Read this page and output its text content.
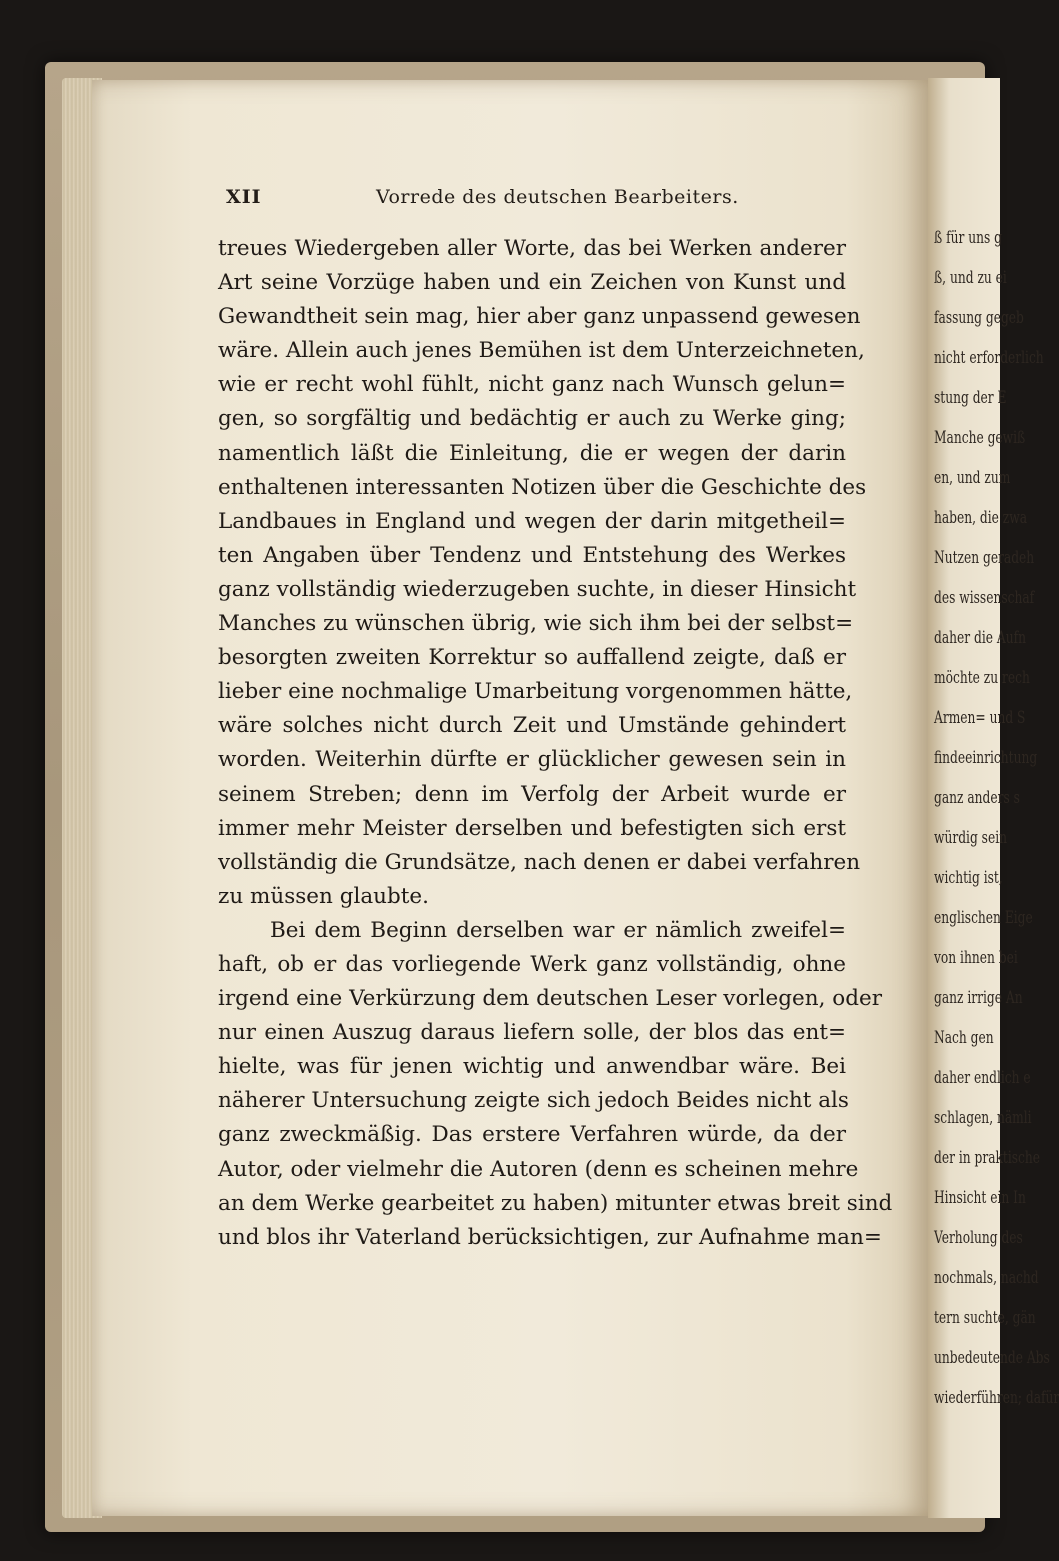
ß für uns g
ß, und zu ei
fassung gegeb
nicht erforderlich
stung der E
Manche gewiß
en, und zum
haben, die zwa
Nutzen geradeh
des wissenschaf
daher die Aufn
möchte zu rech
Armen= und S
findeeinrichtung
ganz anders s
würdig sein
wichtig ist,
englischen Eige
von ihnen bei
ganz irrige An
Nach gen
daher endlich e
schlagen, nämli
der in praktische
Hinsicht ein In
Verholung des
nochmals, nachd
tern suchte, gän
unbedeutende Abs
wiederführen; dafür
XII	Vorrede des deutschen Bearbeiters.
treues Wiedergeben aller Worte, das bei Werken anderer
Art seine Vorzüge haben und ein Zeichen von Kunst und
Gewandtheit sein mag, hier aber ganz unpassend gewesen
wäre. Allein auch jenes Bemühen ist dem Unterzeichneten,
wie er recht wohl fühlt, nicht ganz nach Wunsch gelun=
gen, so sorgfältig und bedächtig er auch zu Werke ging;
namentlich läßt die Einleitung, die er wegen der darin
enthaltenen interessanten Notizen über die Geschichte des
Landbaues in England und wegen der darin mitgetheil=
ten Angaben über Tendenz und Entstehung des Werkes
ganz vollständig wiederzugeben suchte, in dieser Hinsicht
Manches zu wünschen übrig, wie sich ihm bei der selbst=
besorgten zweiten Korrektur so auffallend zeigte, daß er
lieber eine nochmalige Umarbeitung vorgenommen hätte,
wäre solches nicht durch Zeit und Umstände gehindert
worden. Weiterhin dürfte er glücklicher gewesen sein in
seinem Streben; denn im Verfolg der Arbeit wurde er
immer mehr Meister derselben und befestigten sich erst
vollständig die Grundsätze, nach denen er dabei verfahren
zu müssen glaubte.
Bei dem Beginn derselben war er nämlich zweifel=
haft, ob er das vorliegende Werk ganz vollständig, ohne
irgend eine Verkürzung dem deutschen Leser vorlegen, oder
nur einen Auszug daraus liefern solle, der blos das ent=
hielte, was für jenen wichtig und anwendbar wäre. Bei
näherer Untersuchung zeigte sich jedoch Beides nicht als
ganz zweckmäßig. Das erstere Verfahren würde, da der
Autor, oder vielmehr die Autoren (denn es scheinen mehre
an dem Werke gearbeitet zu haben) mitunter etwas breit sind
und blos ihr Vaterland berücksichtigen, zur Aufnahme man=
